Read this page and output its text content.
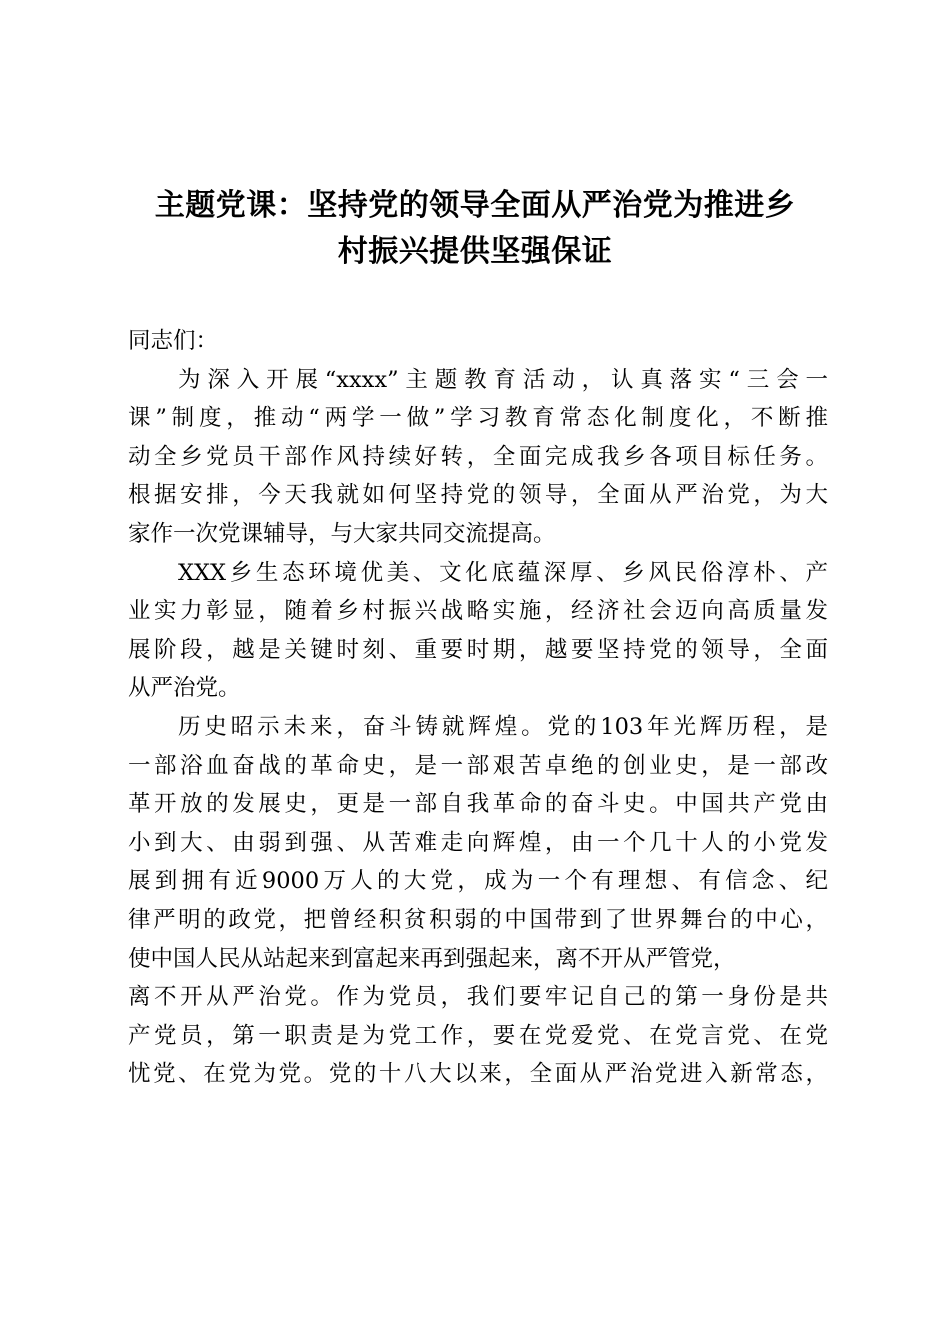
主题党课：坚持党的领导全面从严治党为推进乡
村振兴提供坚强保证
同志们：
为深入开展“xxxx”主题教育活动，认真落实“三会一
课”制度，推动“两学一做”学习教育常态化制度化，不断推
动全乡党员干部作风持续好转，全面完成我乡各项目标任务。
根据安排，今天我就如何坚持党的领导，全面从严治党，为大
家作一次党课辅导，与大家共同交流提高。
XXX乡生态环境优美、文化底蕴深厚、乡风民俗淳朴、产
业实力彰显，随着乡村振兴战略实施，经济社会迈向高质量发
展阶段，越是关键时刻、重要时期，越要坚持党的领导，全面
从严治党。
历史昭示未来，奋斗铸就辉煌。党的103年光辉历程，是
一部浴血奋战的革命史，是一部艰苦卓绝的创业史，是一部改
革开放的发展史，更是一部自我革命的奋斗史。中国共产党由
小到大、由弱到强、从苦难走向辉煌，由一个几十人的小党发
展到拥有近9000万人的大党，成为一个有理想、有信念、纪
律严明的政党，把曾经积贫积弱的中国带到了世界舞台的中心，
使中国人民从站起来到富起来再到强起来，离不开从严管党，
离不开从严治党。作为党员，我们要牢记自己的第一身份是共
产党员，第一职责是为党工作，要在党爱党、在党言党、在党
忧党、在党为党。党的十八大以来，全面从严治党进入新常态，
